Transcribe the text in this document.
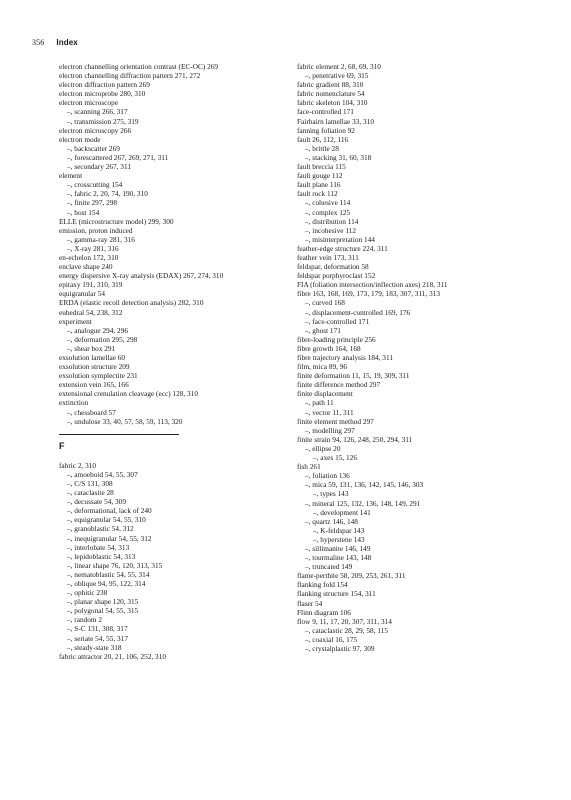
356 Index
electron channelling orientation contrast (EC-OC) 269
electron channelling diffraction pattern 271, 272
electron diffraction pattern 269
electron microprobe 280, 310
electron microscope
–, scanning 266, 317
–, transmission 275, 319
electron microscopy 266
electron mode
–, backscatter 269
–, forescattered 267, 269, 271, 311
–, secondary 267, 311
element
–, crosscutting 154
–, fabric 2, 20, 74, 190, 310
–, finite 297, 298
–, host 154
ELLE (microstructure model) 299, 300
emission, proton induced
–, gamma-ray 281, 316
–, X-ray 281, 316
en-echelon 172, 310
enclave shape 240
energy dispersive X-ray analysis (EDAX) 267, 274, 310
epitaxy 191, 310, 319
equigranular 54
ERDA (elastic recoil detection analysis) 282, 310
euhedral 54, 238, 312
experiment
–, analogue 294, 296
–, deformation 295, 298
–, shear box 291
exsolution lamellae 60
exsolution structure 209
exsolution symplectite 231
extension vein 165, 166
extensional crenulation cleavage (ecc) 128, 310
extinction
–, chessboard 57
–, undulose 33, 40, 57, 58, 59, 113, 320
F
fabric 2, 310
–, amoeboid 54, 55, 307
–, C/S 131, 308
–, cataclasite 28
–, decussate 54, 309
–, deformational, lack of 240
–, equigranular 54, 55, 310
–, granoblastic 54, 312
–, inequigranular 54, 55, 312
–, interlobate 54, 313
–, lepidoblastic 54, 313
–, linear shape 76, 120, 313, 315
–, nematoblastic 54, 55, 314
–, oblique 94, 95, 122, 314
–, ophitic 238
–, planar shape 120, 315
–, polygonal 54, 55, 315
–, random 2
–, S-C 131, 308, 317
–, seriate 54, 55, 317
–, steady-state 318
fabric attractor 20, 21, 106, 252, 310
fabric element 2, 68, 69, 310
–, penetrative 69, 315
fabric gradient 88, 310
fabric nomenclature 54
fabric skeleton 104, 310
face-controlled 171
Fairbairn lamellae 33, 310
fanning foliation 92
fault 26, 112, 116
–, brittle 28
–, stacking 31, 60, 318
fault breccia 115
fault gouge 112
fault plane 116
fault rock 112
–, cohesive 114
–, complex 125
–, distribution 114
–, incohesive 112
–, misinterpretation 144
feather-edge structure 224, 311
feather vein 173, 311
feldspar, deformation 58
feldspar porphyroclast 152
FIA (foliation intersection/inflection axes) 218, 311
fibre 163, 168, 169, 173, 179, 183, 307, 311, 313
–, curved 168
–, displacement-controlled 169, 176
–, face-controlled 171
–, ghost 171
fibre-loading principle 256
fibre growth 164, 168
fibre trajectory analysis 184, 311
film, mica 89, 96
finite deformation 11, 15, 19, 309, 311
finite difference method 297
finite displacement
–, path 11
–, vector 11, 311
finite element method 297
–, modelling 297
finite strain 94, 126, 248, 250, 294, 311
–, ellipse 20
–, axes 15, 126
fish 261
–, foliation 136
–, mica 59, 131, 136, 142, 145, 146, 303
–, types 143
–, mineral 125, 132, 136, 148, 149, 291
–, development 141
–, quartz 146, 148
–, K-feldspar 143
–, hyperstene 143
–, sillimanite 146, 149
–, tourmaline 143, 148
–, truncated 149
flame-perthite 58, 209, 253, 261, 311
flanking fold 154
flanking structure 154, 311
flaser 54
Flinn diagram 106
flow 9, 11, 17, 20, 307, 311, 314
–, cataclastic 28, 29, 58, 115
–, coaxial 16, 175
–, crystalplastic 97, 309
